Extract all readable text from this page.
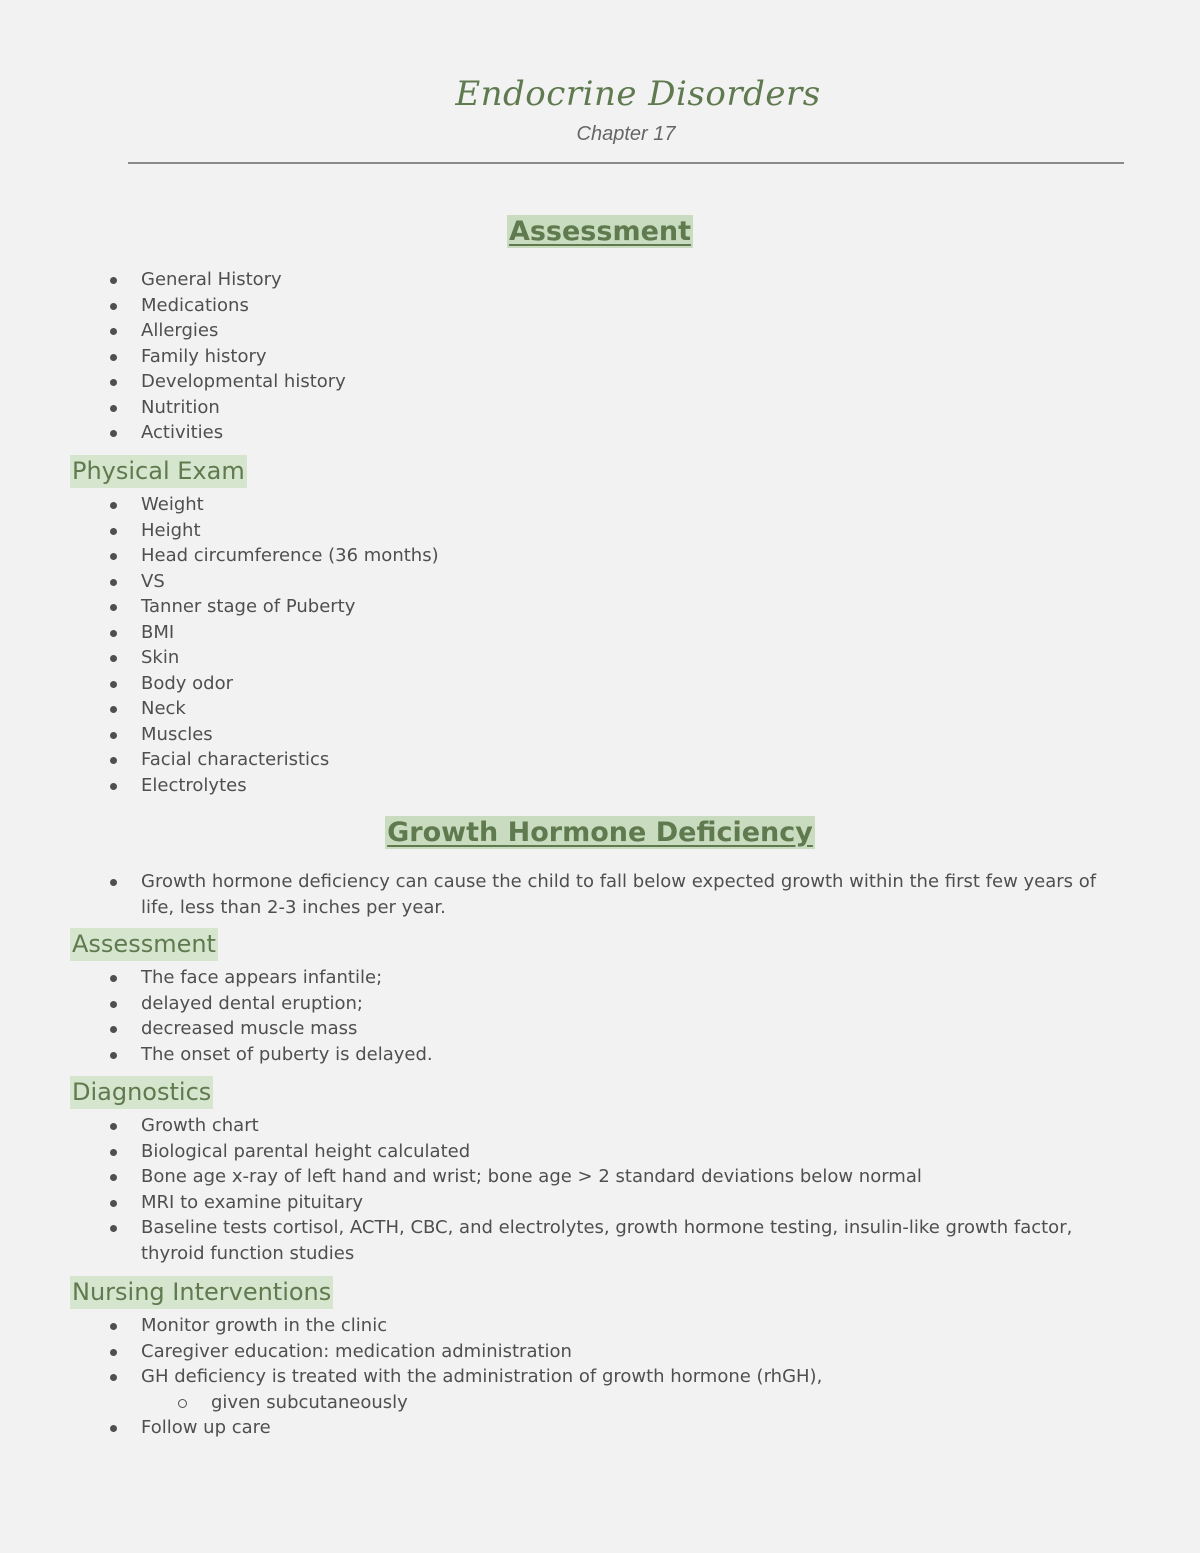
Endocrine Disorders
Chapter 17
Assessment
General History
Medications
Allergies
Family history
Developmental history
Nutrition
Activities
Physical Exam
Weight
Height
Head circumference (36 months)
VS
Tanner stage of Puberty
BMI
Skin
Body odor
Neck
Muscles
Facial characteristics
Electrolytes
Growth Hormone Deficiency
Growth hormone deficiency can cause the child to fall below expected growth within the first few years of life, less than 2-3 inches per year.
Assessment
The face appears infantile;
delayed dental eruption;
decreased muscle mass
The onset of puberty is delayed.
Diagnostics
Growth chart
Biological parental height calculated
Bone age x-ray of left hand and wrist; bone age > 2 standard deviations below normal
MRI to examine pituitary
Baseline tests cortisol, ACTH, CBC, and electrolytes, growth hormone testing, insulin-like growth factor, thyroid function studies
Nursing Interventions
Monitor growth in the clinic
Caregiver education: medication administration
GH deficiency is treated with the administration of growth hormone (rhGH),
given subcutaneously
Follow up care
